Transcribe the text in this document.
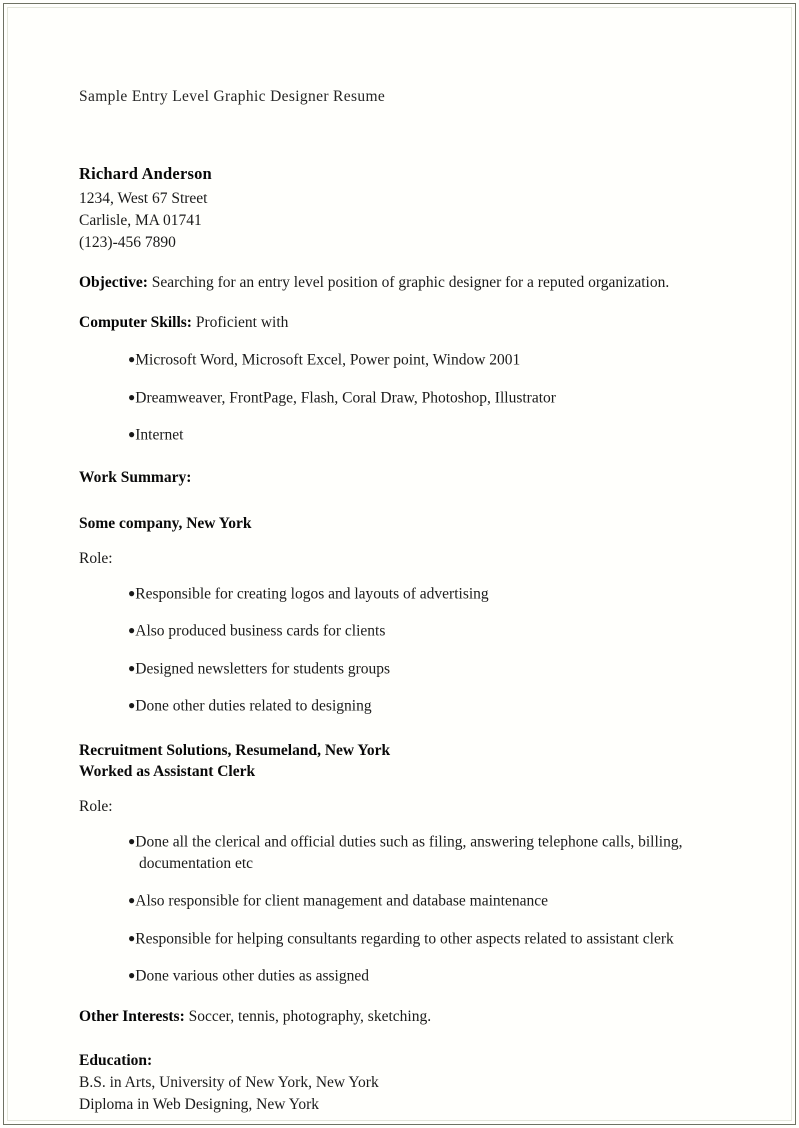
Sample Entry Level Graphic Designer Resume

Richard Anderson

1234, West 67 Street

Carlisle, MA 01741

(123)-456 7890

Objective: Searching for an entry level position of graphic designer for a reputed organization.

Computer Skills: Proficient with

●Microsoft Word, Microsoft Excel, Power point, Window 2001
●Dreamweaver, FrontPage, Flash, Coral Draw, Photoshop, Illustrator
●Internet

Work Summary:

Some company, New York

Role:

●Responsible for creating logos and layouts of advertising
●Also produced business cards for clients
●Designed newsletters for students groups
●Done other duties related to designing

Recruitment Solutions, Resumeland, New York
Worked as Assistant Clerk

Role:

●Done all the clerical and official duties such as filing, answering telephone calls, billing, documentation etc
●Also responsible for client management and database maintenance
●Responsible for helping consultants regarding to other aspects related to assistant clerk
●Done various other duties as assigned

Other Interests: Soccer, tennis, photography, sketching.

Education:

B.S. in Arts, University of New York, New York

Diploma in Web Designing, New York
